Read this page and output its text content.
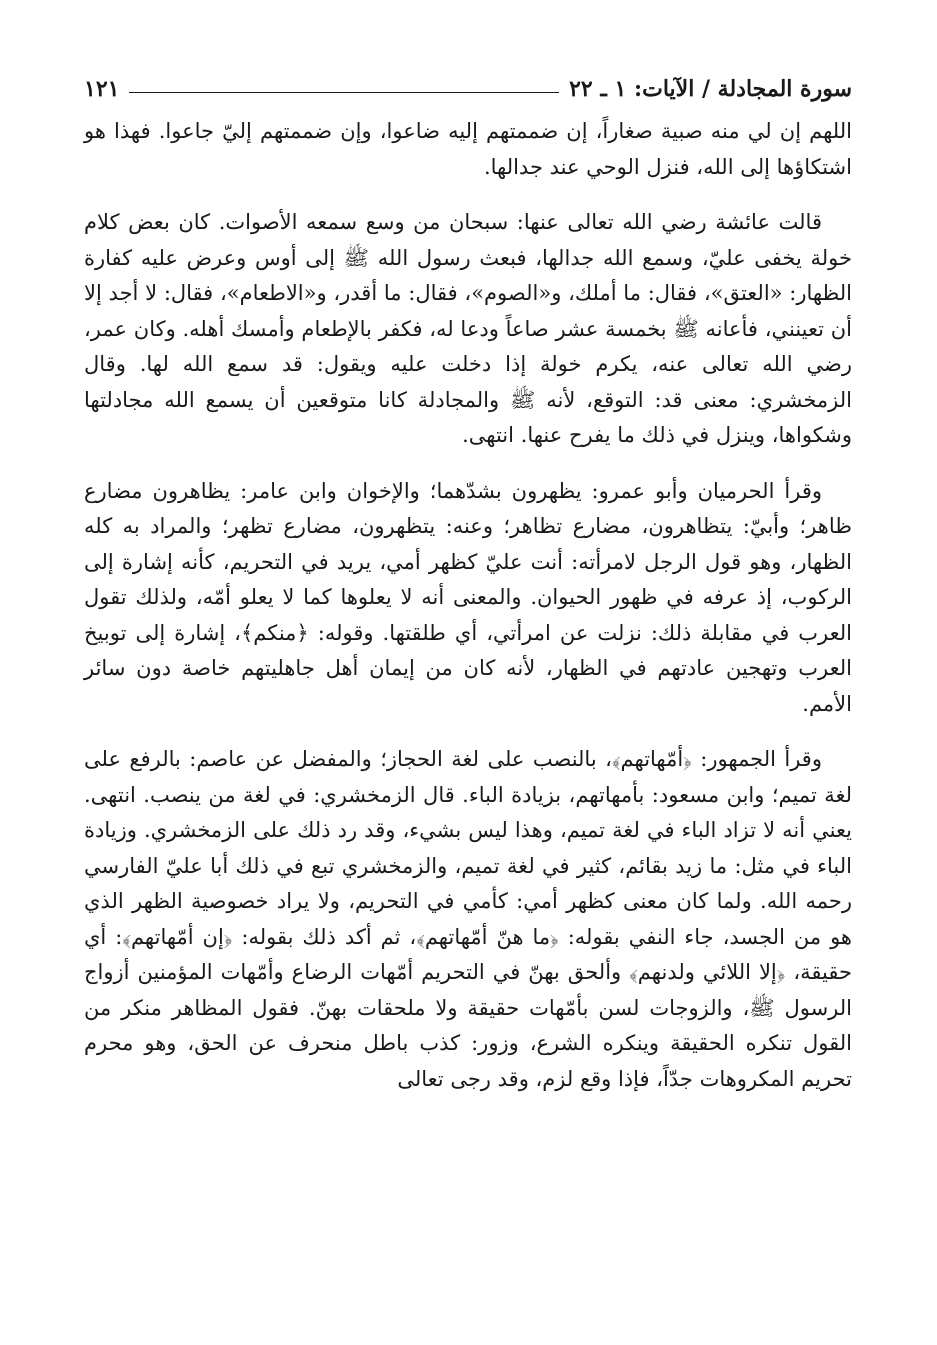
سورة المجادلة / الآيات: ١ ـ ٢٢
١٢١

اللهم إن لي منه صبية صغاراً، إن ضممتهم إليه ضاعوا، وإن ضممتهم إليّ جاعوا. فهذا هو اشتكاؤها إلى الله، فنزل الوحي عند جدالها.

قالت عائشة رضي الله تعالى عنها: سبحان من وسع سمعه الأصوات. كان بعض كلام خولة يخفى عليّ، وسمع الله جدالها، فبعث رسول الله ﷺ إلى أوس وعرض عليه كفارة الظهار: «العتق»، فقال: ما أملك، و«الصوم»، فقال: ما أقدر، و«الاطعام»، فقال: لا أجد إلا أن تعينني، فأعانه ﷺ بخمسة عشر صاعاً ودعا له، فكفر بالإطعام وأمسك أهله. وكان عمر، رضي الله تعالى عنه، يكرم خولة إذا دخلت عليه ويقول: قد سمع الله لها. وقال الزمخشري: معنى قد: التوقع، لأنه ﷺ والمجادلة كانا متوقعين أن يسمع الله مجادلتها وشكواها، وينزل في ذلك ما يفرح عنها. انتهى.

وقرأ الحرميان وأبو عمرو: يظهرون بشدّهما؛ والإخوان وابن عامر: يظاهرون مضارع ظاهر؛ وأبيّ: يتظاهرون، مضارع تظاهر؛ وعنه: يتظهرون، مضارع تظهر؛ والمراد به كله الظهار، وهو قول الرجل لامرأته: أنت عليّ كظهر أمي، يريد في التحريم، كأنه إشارة إلى الركوب، إذ عرفه في ظهور الحيوان. والمعنى أنه لا يعلوها كما لا يعلو أمّه، ولذلك تقول العرب في مقابلة ذلك: نزلت عن امرأتي، أي طلقتها. وقوله: ﴿منكم﴾، إشارة إلى توبيخ العرب وتهجين عادتهم في الظهار، لأنه كان من إيمان أهل جاهليتهم خاصة دون سائر الأمم.

وقرأ الجمهور: ﴿أمّهاتهم﴾، بالنصب على لغة الحجاز؛ والمفضل عن عاصم: بالرفع على لغة تميم؛ وابن مسعود: بأمهاتهم، بزيادة الباء. قال الزمخشري: في لغة من ينصب. انتهى. يعني أنه لا تزاد الباء في لغة تميم، وهذا ليس بشيء، وقد رد ذلك على الزمخشري. وزيادة الباء في مثل: ما زيد بقائم، كثير في لغة تميم، والزمخشري تبع في ذلك أبا عليّ الفارسي رحمه الله. ولما كان معنى كظهر أمي: كأمي في التحريم، ولا يراد خصوصية الظهر الذي هو من الجسد، جاء النفي بقوله: ﴿ما هنّ أمّهاتهم﴾، ثم أكد ذلك بقوله: ﴿إن أمّهاتهم﴾: أي حقيقة، ﴿إلا اللائي ولدنهم﴾ وألحق بهنّ في التحريم أمّهات الرضاع وأمّهات المؤمنين أزواج الرسول ﷺ، والزوجات لسن بأمّهات حقيقة ولا ملحقات بهنّ. فقول المظاهر منكر من القول تنكره الحقيقة وينكره الشرع، وزور: كذب باطل منحرف عن الحق، وهو محرم تحريم المكروهات جدّاً، فإذا وقع لزم، وقد رجى تعالى
